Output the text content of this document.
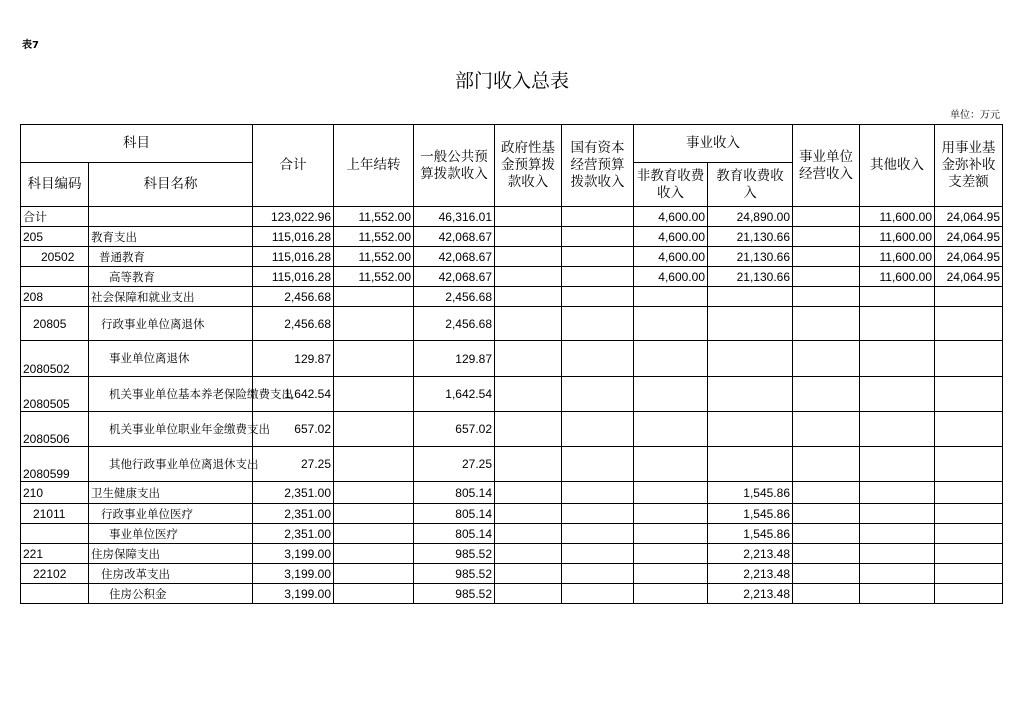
表7
部门收入总表
单位：万元
科目		合计	上年结转	一般公共预算拨款收入	政府性基金预算拨款收入	国有资本经营预算拨款收入	事业收入		事业单位经营收入	其他收入	用事业基金弥补收支差额
科目编码	科目名称						非教育收费收入	教育收费收入			
合计		123,022.96	11,552.00	46,316.01			4,600.00	24,890.00		11,600.00	24,064.95
205	教育支出	115,016.28	11,552.00	42,068.67			4,600.00	21,130.66		11,600.00	24,064.95
20502	普通教育	115,016.28	11,552.00	42,068.67			4,600.00	21,130.66		11,600.00	24,064.95
	高等教育	115,016.28	11,552.00	42,068.67			4,600.00	21,130.66		11,600.00	24,064.95
208	社会保障和就业支出	2,456.68		2,456.68							
20805	行政事业单位离退休	2,456.68		2,456.68							
2080502	事业单位离退休	129.87		129.87							
2080505	机关事业单位基本养老保险缴费支出	1,642.54		1,642.54							
2080506	机关事业单位职业年金缴费支出	657.02		657.02							
2080599	其他行政事业单位离退休支出	27.25		27.25							
210	卫生健康支出	2,351.00		805.14				1,545.86			
21011	行政事业单位医疗	2,351.00		805.14				1,545.86			
	事业单位医疗	2,351.00		805.14				1,545.86			
221	住房保障支出	3,199.00		985.52				2,213.48			
22102	住房改革支出	3,199.00		985.52				2,213.48			
	住房公积金	3,199.00		985.52				2,213.48			
